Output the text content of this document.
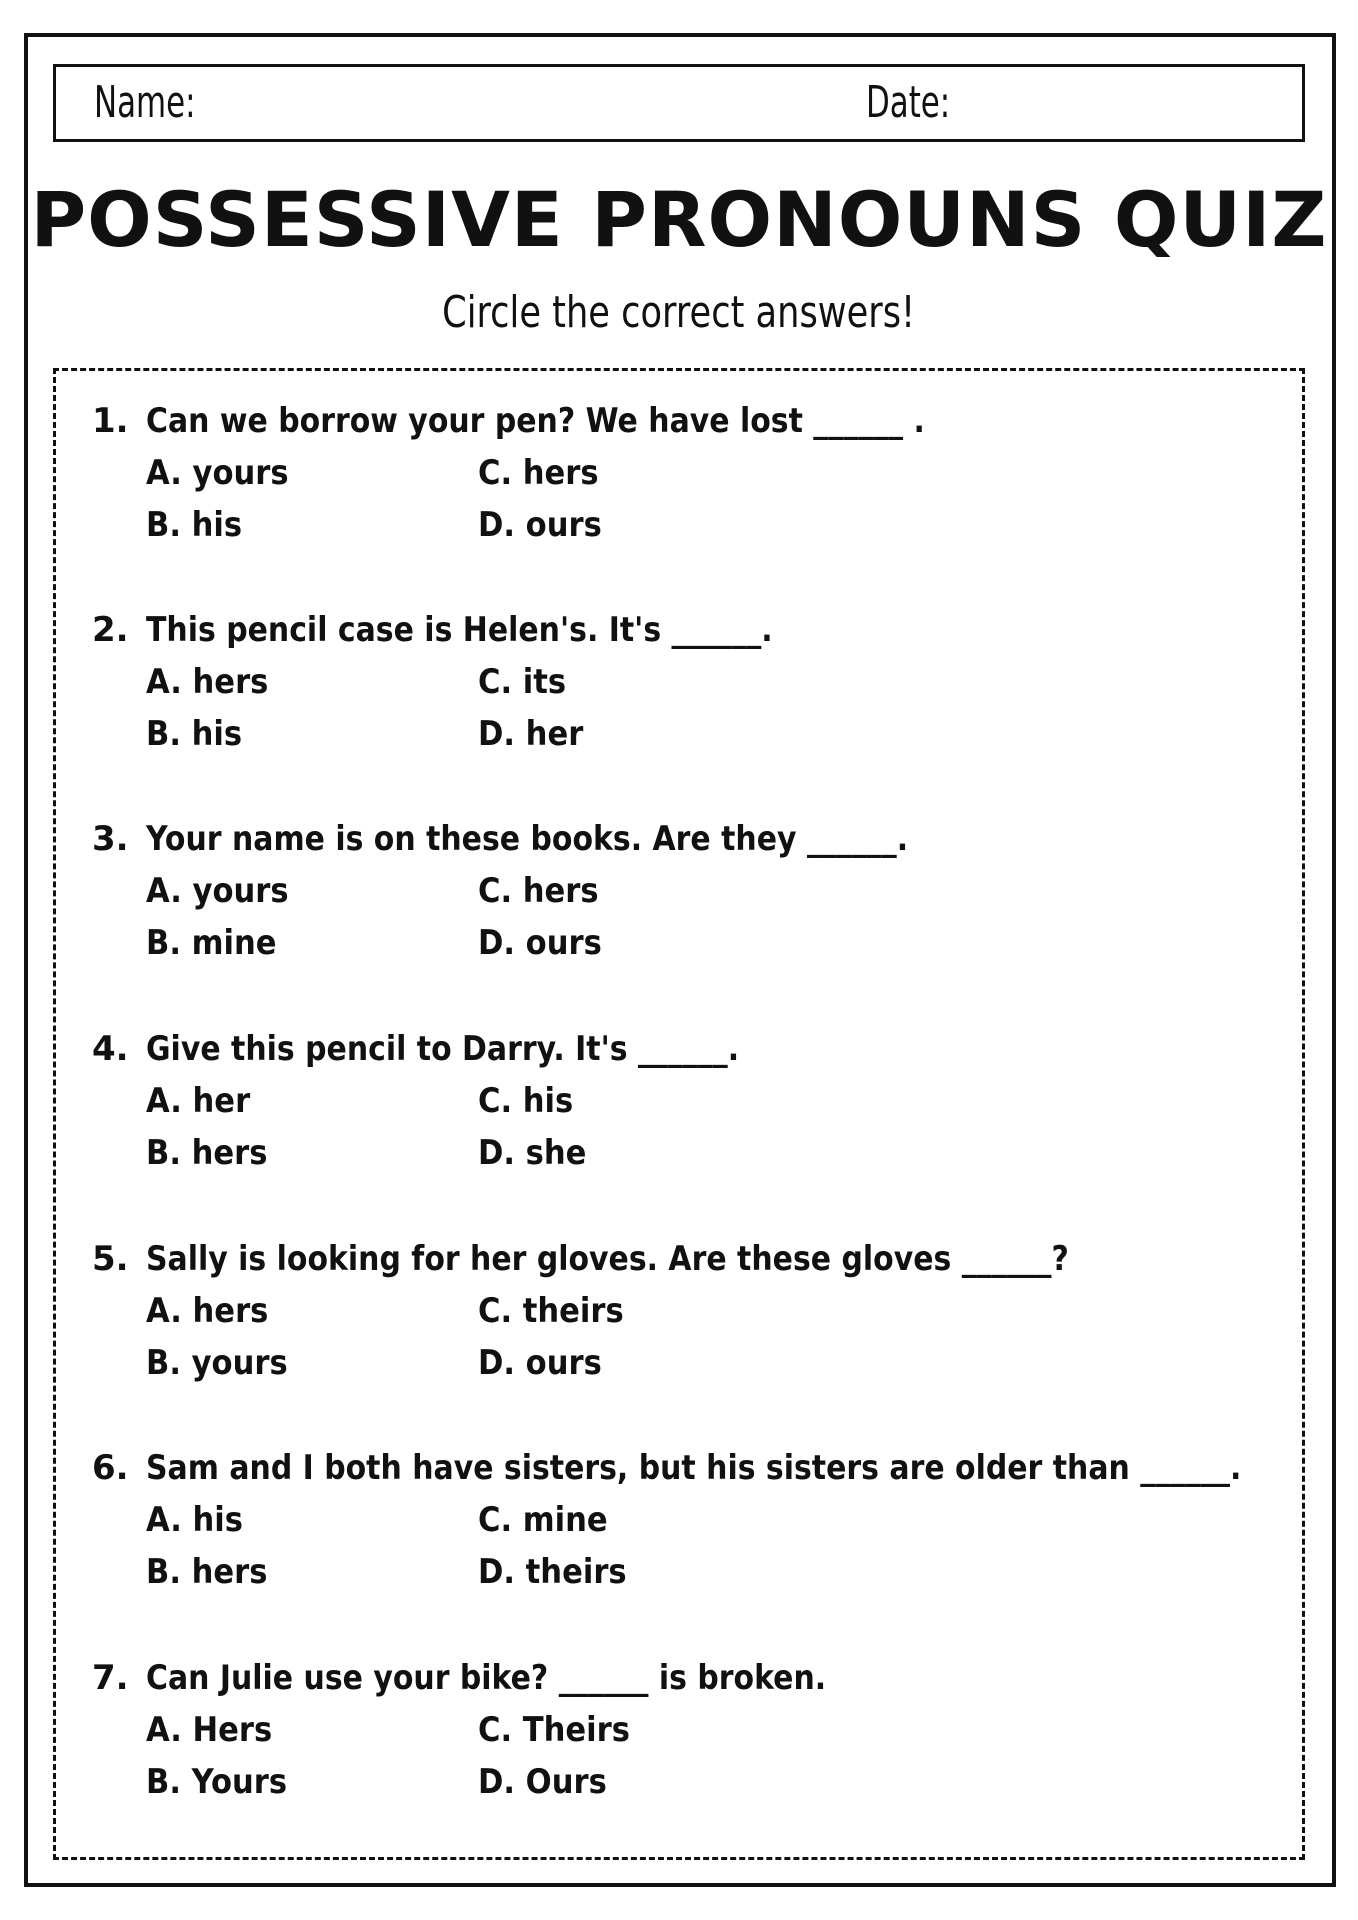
Name:	Date:
POSSESSIVE PRONOUNS QUIZ
Circle the correct answers!
1. Can we borrow your pen? We have lost ______ .
A. yours	C. hers
B. his	D. ours
2. This pencil case is Helen's. It's ______.
A. hers	C. its
B. his	D. her
3. Your name is on these books. Are they ______.
A. yours	C. hers
B. mine	D. ours
4. Give this pencil to Darry. It's ______.
A. her	C. his
B. hers	D. she
5. Sally is looking for her gloves. Are these gloves ______?
A. hers	C. theirs
B. yours	D. ours
6. Sam and I both have sisters, but his sisters are older than ______.
A. his	C. mine
B. hers	D. theirs
7. Can Julie use your bike? ______ is broken.
A. Hers	C. Theirs
B. Yours	D. Ours
